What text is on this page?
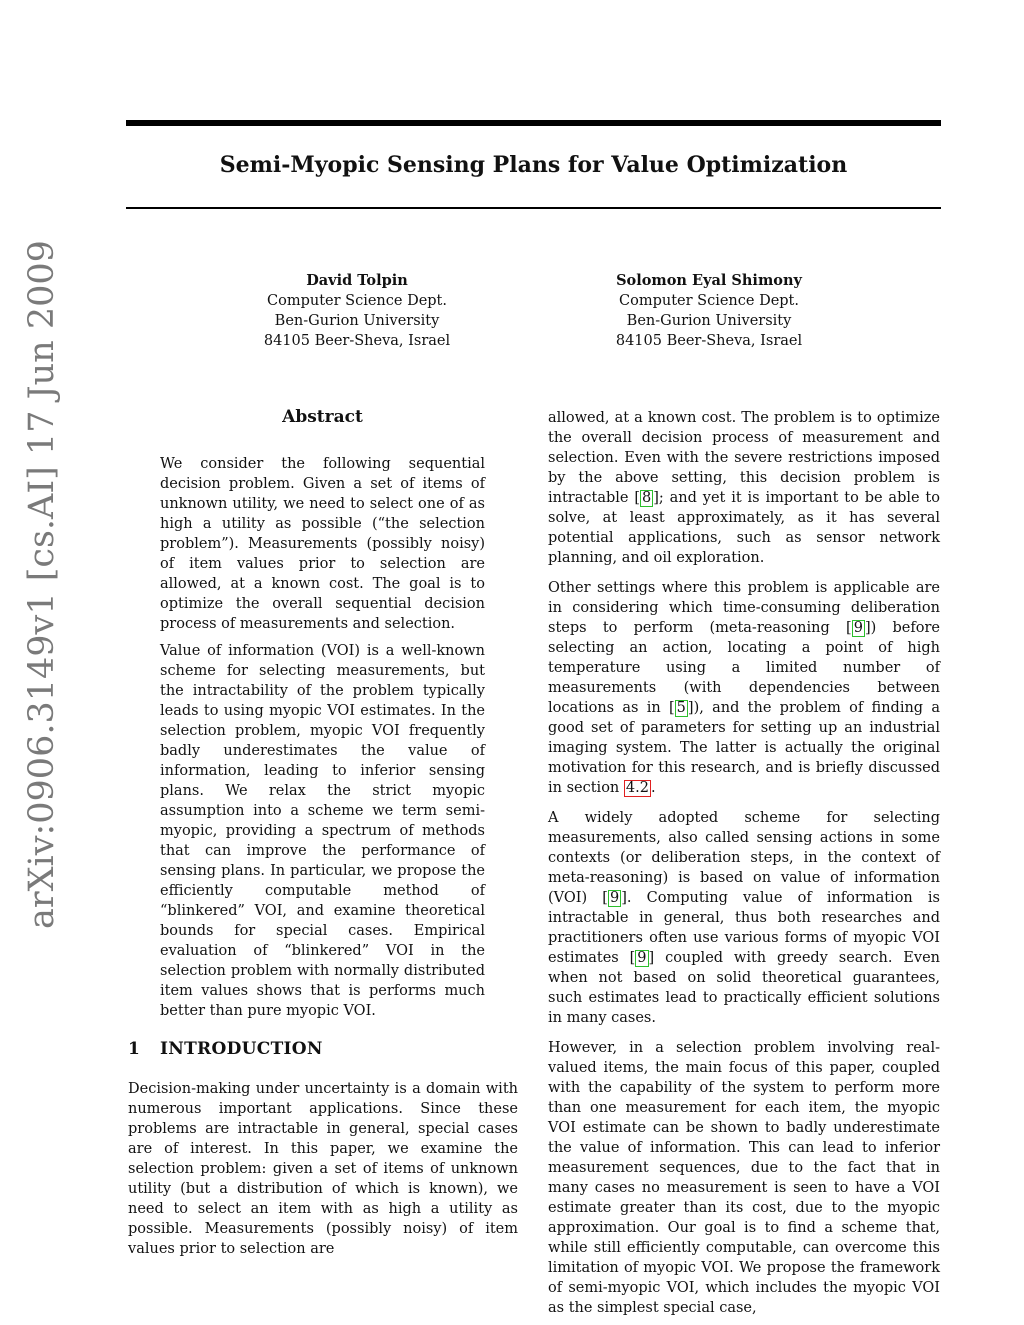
Semi-Myopic Sensing Plans for Value Optimization
David Tolpin
Computer Science Dept.
Ben-Gurion University
84105 Beer-Sheva, Israel
Solomon Eyal Shimony
Computer Science Dept.
Ben-Gurion University
84105 Beer-Sheva, Israel
arXiv:0906.3149v1 [cs.AI] 17 Jun 2009	Abstract

We consider the following sequential decision problem. Given a set of items of unknown utility, we need to select one of as high a utility as possible (“the selection problem”). Measurements (possibly noisy) of item values prior to selection are allowed, at a known cost. The goal is to optimize the overall sequential decision process of measurements and selection.

Value of information (VOI) is a well-known scheme for selecting measurements, but the intractability of the problem typically leads to using myopic VOI estimates. In the selection problem, myopic VOI frequently badly underestimates the value of information, leading to inferior sensing plans. We relax the strict myopic assumption into a scheme we term semi-myopic, providing a spectrum of methods that can improve the performance of sensing plans. In particular, we propose the efficiently computable method of “blinkered” VOI, and examine theoretical bounds for special cases. Empirical evaluation of “blinkered” VOI in the selection problem with normally distributed item values shows that is performs much better than pure myopic VOI.

1 INTRODUCTION

Decision-making under uncertainty is a domain with numerous important applications. Since these problems are intractable in general, special cases are of interest. In this paper, we examine the selection problem: given a set of items of unknown utility (but a distribution of which is known), we need to select an item with as high a utility as possible. Measurements (possibly noisy) of item values prior to selection are

allowed, at a known cost. The problem is to optimize the overall decision process of measurement and selection. Even with the severe restrictions imposed by the above setting, this decision problem is intractable [ 8 ]; and yet it is important to be able to solve, at least approximately, as it has several potential applications, such as sensor network planning, and oil exploration.

Other settings where this problem is applicable are in considering which time-consuming deliberation steps to perform (meta-reasoning [ 9 ]) before selecting an action, locating a point of high temperature using a limited number of measurements (with dependencies between locations as in [ 5 ]), and the problem of finding a good set of parameters for setting up an industrial imaging system. The latter is actually the original motivation for this research, and is briefly discussed in section 4.2 .

A widely adopted scheme for selecting measurements, also called sensing actions in some contexts (or deliberation steps, in the context of meta-reasoning) is based on value of information (VOI) [ 9 ]. Computing value of information is intractable in general, thus both researches and practitioners often use various forms of myopic VOI estimates [ 9 ] coupled with greedy search. Even when not based on solid theoretical guarantees, such estimates lead to practically efficient solutions in many cases.

However, in a selection problem involving real-valued items, the main focus of this paper, coupled with the capability of the system to perform more than one measurement for each item, the myopic VOI estimate can be shown to badly underestimate the value of information. This can lead to inferior measurement sequences, due to the fact that in many cases no measurement is seen to have a VOI estimate greater than its cost, due to the myopic approximation. Our goal is to find a scheme that, while still efficiently computable, can overcome this limitation of myopic VOI. We propose the framework of semi-myopic VOI, which includes the myopic VOI as the simplest special case,
